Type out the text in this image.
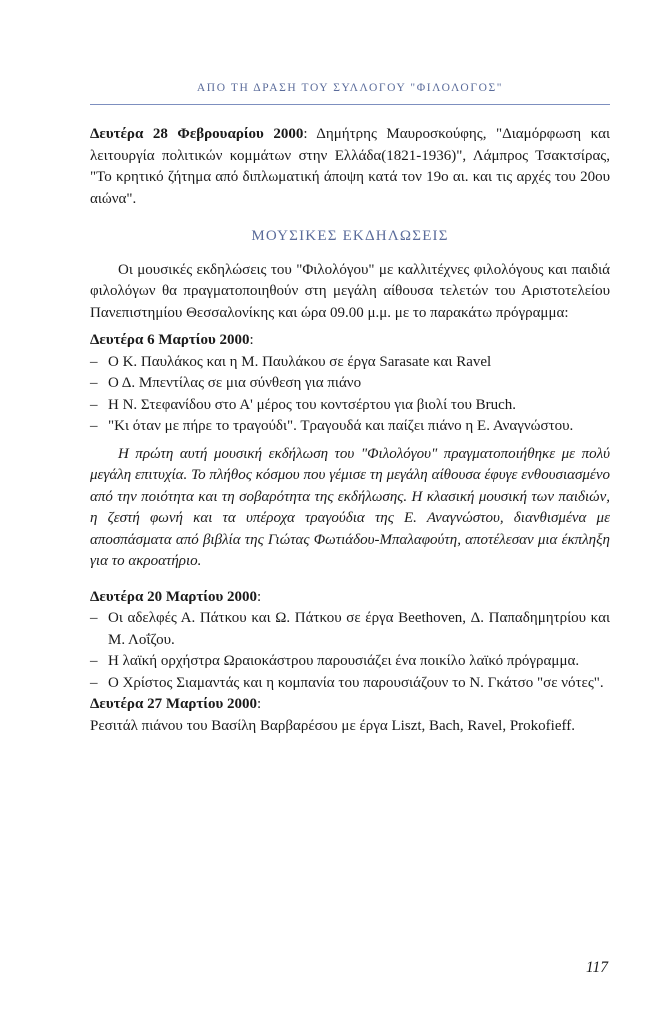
ΑΠΟ ΤΗ ΔΡΑΣΗ ΤΟΥ ΣΥΛΛΟΓΟΥ "ΦΙΛΟΛΟΓΟΣ"

Δευτέρα 28 Φεβρουαρίου 2000: Δημήτρης Μαυροσκούφης, "Διαμόρφωση και λειτουργία πολιτικών κομμάτων στην Ελλάδα(1821-1936)", Λάμπρος Τσακτσίρας, "Το κρητικό ζήτημα από διπλωματική άποψη κατά τον 19ο αι. και τις αρχές του 20ου αιώνα".

ΜΟΥΣΙΚΕΣ ΕΚΔΗΛΩΣΕΙΣ

Οι μουσικές εκδηλώσεις του "Φιλολόγου" με καλλιτέχνες φιλολόγους και παιδιά φιλολόγων θα πραγματοποιηθούν στη μεγάλη αίθουσα τελετών του Αριστοτελείου Πανεπιστημίου Θεσσαλονίκης και ώρα 09.00 μ.μ. με το παρακάτω πρόγραμμα:

Δευτέρα 6 Μαρτίου 2000:

– Ο Κ. Παυλάκος και η Μ. Παυλάκου σε έργα Sarasate και Ravel
– Ο Δ. Μπεντίλας σε μια σύνθεση για πιάνο
– Η Ν. Στεφανίδου στο Α' μέρος του κοντσέρτου για βιολί του Bruch.
– "Κι όταν με πήρε το τραγούδι". Τραγουδά και παίζει πιάνο η Ε. Αναγνώστου.

Η πρώτη αυτή μουσική εκδήλωση του "Φιλολόγου" πραγματοποιήθηκε με πολύ μεγάλη επιτυχία. Το πλήθος κόσμου που γέμισε τη μεγάλη αίθουσα έφυγε ενθουσιασμένο από την ποιότητα και τη σοβαρότητα της εκδήλωσης. Η κλασική μουσική των παιδιών, η ζεστή φωνή και τα υπέροχα τραγούδια της Ε. Αναγνώστου, διανθισμένα με αποσπάσματα από βιβλία της Γιώτας Φωτιάδου-Μπαλαφούτη, αποτέλεσαν μια έκπληξη για το ακροατήριο.

Δευτέρα 20 Μαρτίου 2000:

– Οι αδελφές Α. Πάτκου και Ω. Πάτκου σε έργα Beethoven, Δ. Παπαδημητρίου και Μ. Λοΐζου.
– Η λαϊκή ορχήστρα Ωραιοκάστρου παρουσιάζει ένα ποικίλο λαϊκό πρόγραμμα.
– Ο Χρίστος Σιαμαντάς και η κομπανία του παρουσιάζουν το Ν. Γκάτσο "σε νότες".

Δευτέρα 27 Μαρτίου 2000:

Ρεσιτάλ πιάνου του Βασίλη Βαρβαρέσου με έργα Liszt, Bach, Ravel, Prokofieff.

117
